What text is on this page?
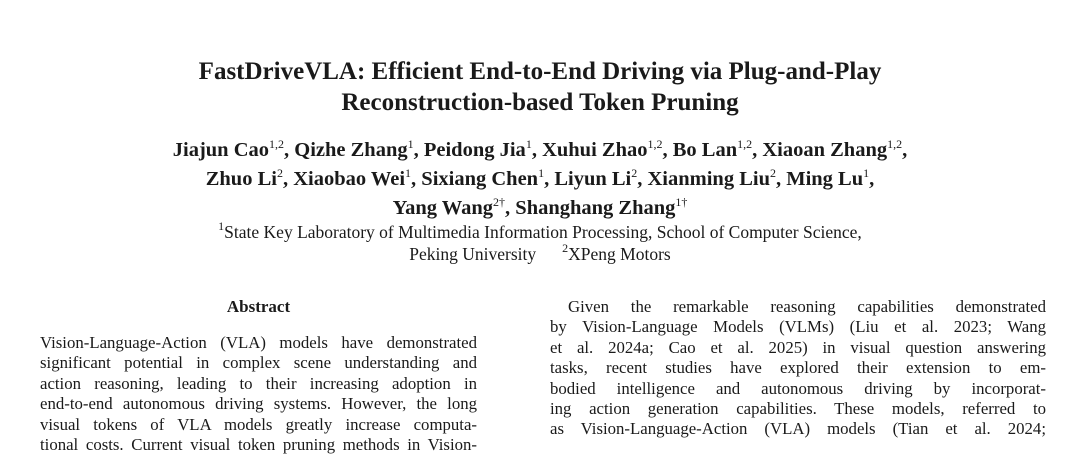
FastDriveVLA: Efficient End-to-End Driving via Plug-and-Play
Reconstruction-based Token Pruning
Jiajun Cao$^{1,2}$, Qizhe Zhang$^1$, Peidong Jia$^1$, Xuhui Zhao$^{1,2}$, Bo Lan$^{1,2}$, Xiaoan Zhang$^{1,2}$,
Zhuo Li$^2$, Xiaobao Wei$^1$, Sixiang Chen$^1$, Liyun Li$^2$, Xianming Liu$^2$, Ming Lu$^1$,
Yang Wang$^{2\dagger}$, Shanghang Zhang$^{1\dagger}$
$^1$State Key Laboratory of Multimedia Information Processing, School of Computer Science,
Peking University $^2$XPeng Motors
Abstract
Vision-Language-Action (VLA) models have demonstrated
significant potential in complex scene understanding and
action reasoning, leading to their increasing adoption in
end-to-end autonomous driving systems. However, the long
visual tokens of VLA models greatly increase computa-
tional costs. Current visual token pruning methods in Vision-
Given the remarkable reasoning capabilities demonstrated
by Vision-Language Models (VLMs) (Liu et al. 2023; Wang
et al. 2024a; Cao et al. 2025) in visual question answering
tasks, recent studies have explored their extension to em-
bodied intelligence and autonomous driving by incorporat-
ing action generation capabilities. These models, referred to
as Vision-Language-Action (VLA) models (Tian et al. 2024;
